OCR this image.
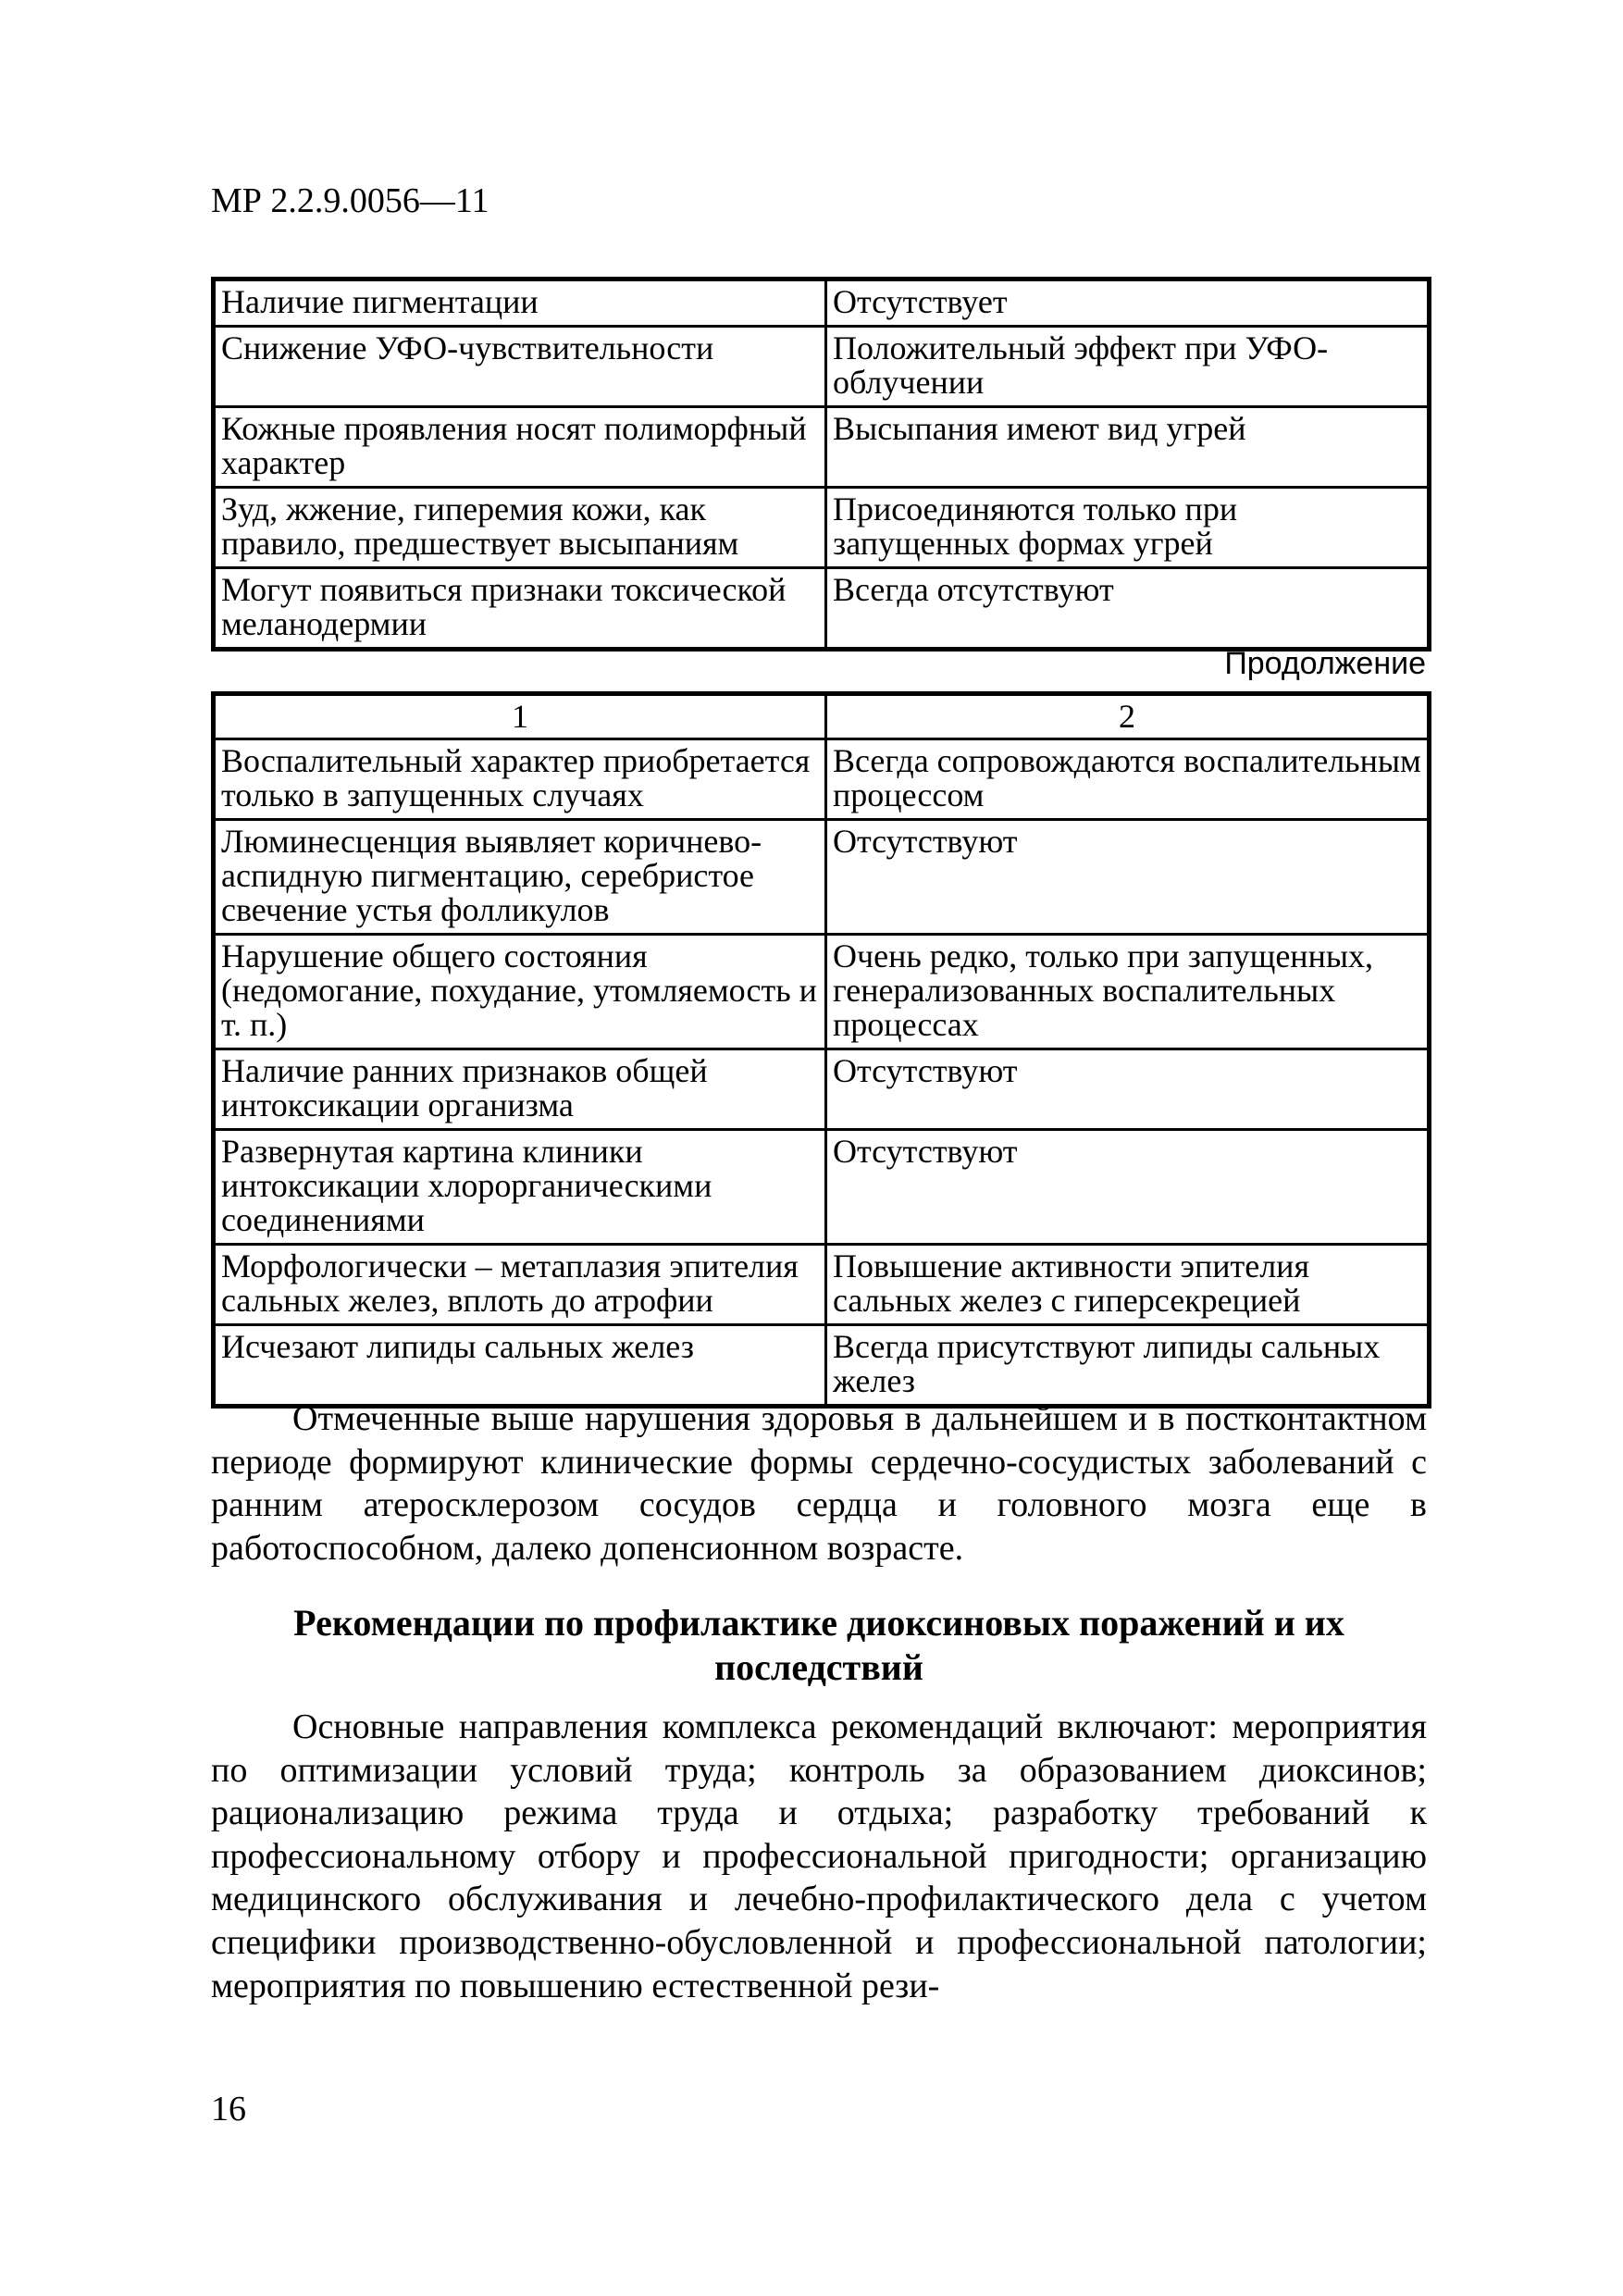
МР 2.2.9.0056—11
Наличие пигментации	Отсутствует
Снижение УФО-чувствительности	Положительный эффект при УФО-облучении
Кожные проявления носят полиморфный характер	Высыпания имеют вид угрей
Зуд, жжение, гиперемия кожи, как правило, предшествует высыпаниям	Присоединяются только при запущенных формах угрей
Могут появиться признаки токсической меланодермии	Всегда отсутствуют
Продолжение
1	2
Воспалительный характер приобретается только в запущенных случаях	Всегда сопровождаются воспалительным процессом
Люминесценция выявляет коричнево-аспидную пигментацию, серебристое свечение устья фолликулов	Отсутствуют
Нарушение общего состояния (недомогание, похудание, утомляемость и т. п.)	Очень редко, только при запущенных, генерализованных воспалительных процессах
Наличие ранних признаков общей интоксикации организма	Отсутствуют
Развернутая картина клиники интоксикации хлорорганическими соединениями	Отсутствуют
Морфологически – метаплазия эпителия сальных желез, вплоть до атрофии	Повышение активности эпителия сальных желез с гиперсекрецией
Исчезают липиды сальных желез	Всегда присутствуют липиды сальных желез

Отмеченные выше нарушения здоровья в дальнейшем и в постконтактном периоде формируют клинические формы сердечно-сосудистых заболеваний с ранним атеросклерозом сосудов сердца и головного мозга еще в работоспособном, далеко допенсионном возрасте.

Рекомендации по профилактике диоксиновых поражений и их последствий

Основные направления комплекса рекомендаций включают: мероприятия по оптимизации условий труда; контроль за образованием диоксинов; рационализацию режима труда и отдыха; разработку требований к профессиональному отбору и профессиональной пригодности; организацию медицинского обслуживания и лечебно-профилактического дела с учетом специфики производственно-обусловленной и профессиональной патологии; мероприятия по повышению естественной рези-

16
